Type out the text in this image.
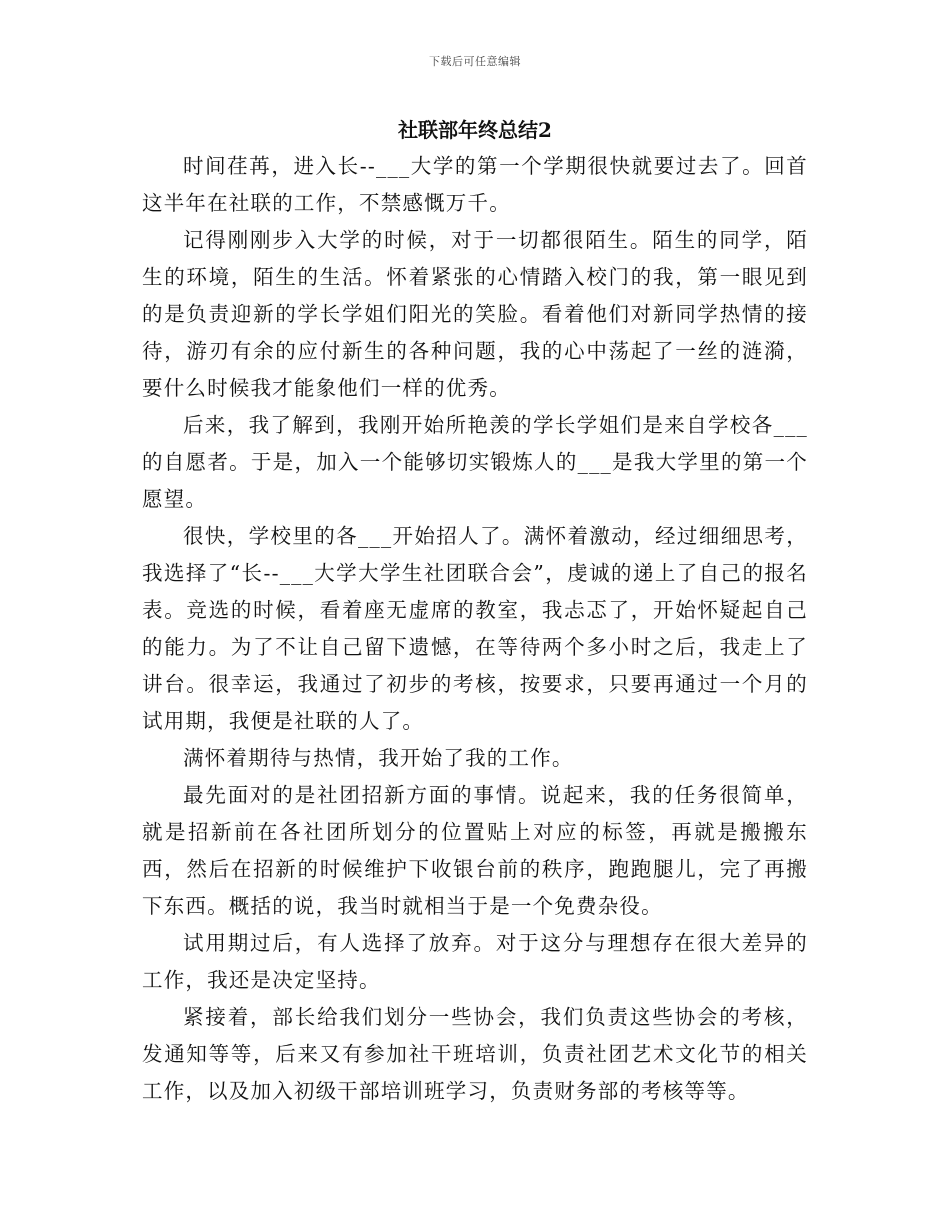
下载后可任意编辑
社联部年终总结2

时间荏苒，进入长--___大学的第一个学期很快就要过去了。回首这半年在社联的工作，不禁感慨万千。

记得刚刚步入大学的时候，对于一切都很陌生。陌生的同学，陌生的环境，陌生的生活。怀着紧张的心情踏入校门的我，第一眼见到的是负责迎新的学长学姐们阳光的笑脸。看着他们对新同学热情的接待，游刃有余的应付新生的各种问题，我的心中荡起了一丝的涟漪，要什么时候我才能象他们一样的优秀。

后来，我了解到，我刚开始所艳羡的学长学姐们是来自学校各___的自愿者。于是，加入一个能够切实锻炼人的___是我大学里的第一个愿望。

很快，学校里的各___开始招人了。满怀着激动，经过细细思考，我选择了“长--___大学大学生社团联合会”，虔诚的递上了自己的报名表。竞选的时候，看着座无虚席的教室，我忐忑了，开始怀疑起自己的能力。为了不让自己留下遗憾，在等待两个多小时之后，我走上了讲台。很幸运，我通过了初步的考核，按要求，只要再通过一个月的试用期，我便是社联的人了。

满怀着期待与热情，我开始了我的工作。

最先面对的是社团招新方面的事情。说起来，我的任务很简单，就是招新前在各社团所划分的位置贴上对应的标签，再就是搬搬东西，然后在招新的时候维护下收银台前的秩序，跑跑腿儿，完了再搬下东西。概括的说，我当时就相当于是一个免费杂役。

试用期过后，有人选择了放弃。对于这分与理想存在很大差异的工作，我还是决定坚持。

紧接着，部长给我们划分一些协会，我们负责这些协会的考核，发通知等等，后来又有参加社干班培训，负责社团艺术文化节的相关工作，以及加入初级干部培训班学习，负责财务部的考核等等。
